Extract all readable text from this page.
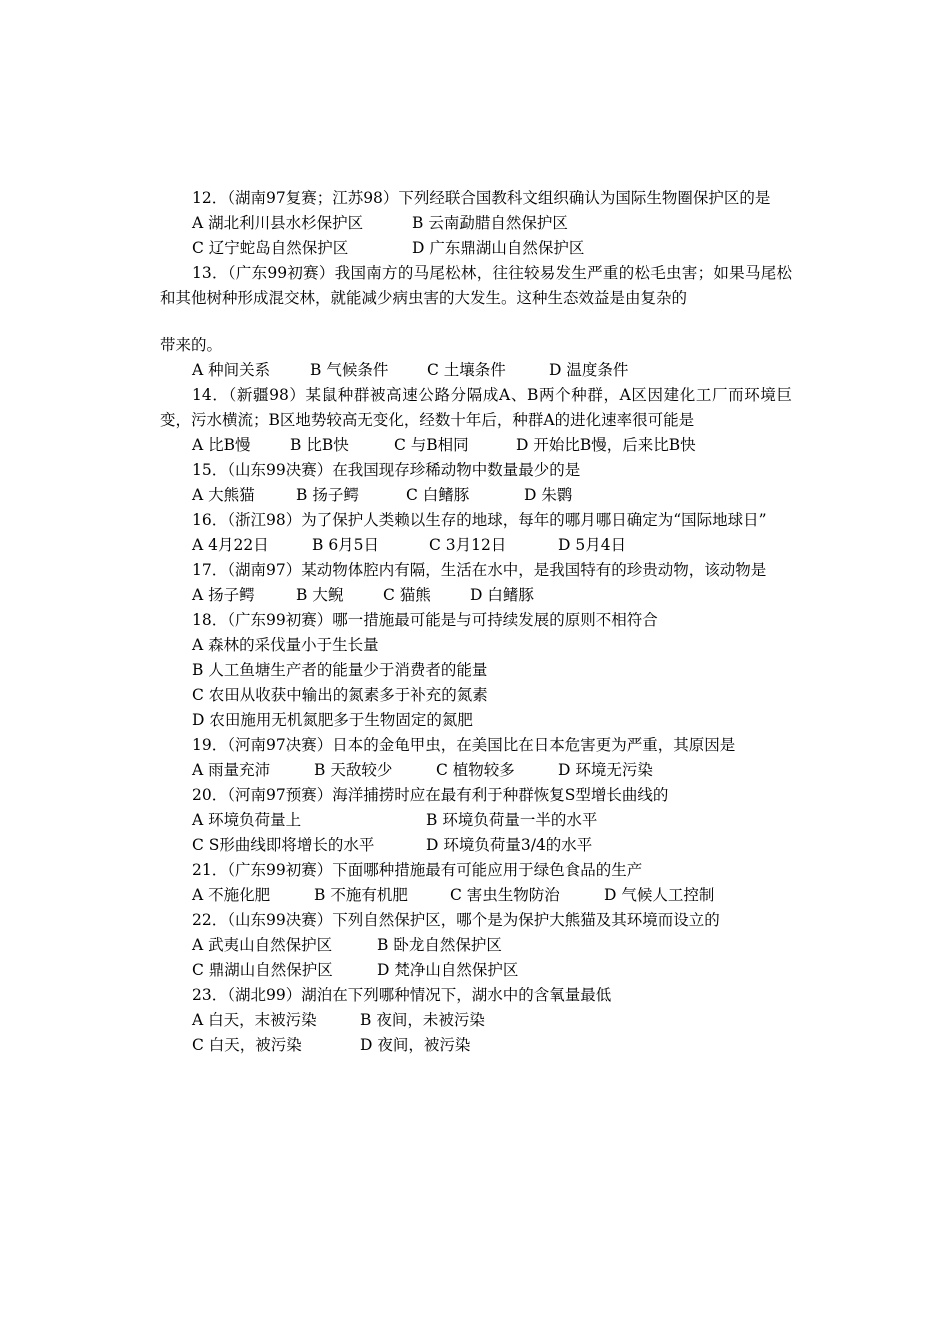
12．（湖南97复赛；江苏98）下列经联合国教科文组织确认为国际生物圈保护区的是
A 湖北利川县水杉保护区	B 云南勐腊自然保护区
C 辽宁蛇岛自然保护区	D 广东鼎湖山自然保护区
13．（广东99初赛）我国南方的马尾松林，往往较易发生严重的松毛虫害；如果马尾松和其他树种形成混交林，就能减少病虫害的大发生。这种生态效益是由复杂的
带来的。
A 种间关系	B 气候条件 C 土壤条件	D 温度条件
14．（新疆98）某鼠种群被高速公路分隔成A、B两个种群，A区因建化工厂而环境巨变，污水横流；B区地势较高无变化，经数十年后，种群A的进化速率很可能是
A 比B慢	B 比B快	C 与B相同	D 开始比B慢，后来比B快
15．（山东99决赛）在我国现存珍稀动物中数量最少的是
A 大熊猫	B 扬子鳄	C 白鳍豚	D 朱鹮
16．（浙江98）为了保护人类赖以生存的地球，每年的哪月哪日确定为“国际地球日”
A 4月22日	B 6月5日	C 3月12日	D 5月4日
17．（湖南97）某动物体腔内有隔，生活在水中，是我国特有的珍贵动物，该动物是
A 扬子鳄	B 大鲵	C 猫熊	D 白鳍豚
18．（广东99初赛）哪一措施最可能是与可持续发展的原则不相符合
A 森林的采伐量小于生长量
B 人工鱼塘生产者的能量少于消费者的能量
C 农田从收获中输出的氮素多于补充的氮素
D 农田施用无机氮肥多于生物固定的氮肥
19．（河南97决赛）日本的金龟甲虫，在美国比在日本危害更为严重，其原因是
A 雨量充沛	B 天敌较少	C 植物较多	D 环境无污染
20．（河南97预赛）海洋捕捞时应在最有利于种群恢复S型增长曲线的
A 环境负荷量上	B 环境负荷量一半的水平
C S形曲线即将增长的水平	D 环境负荷量3/4的水平
21．（广东99初赛）下面哪种措施最有可能应用于绿色食品的生产
A 不施化肥	B 不施有机肥	C 害虫生物防治	D 气候人工控制
22．（山东99决赛）下列自然保护区，哪个是为保护大熊猫及其环境而设立的
A 武夷山自然保护区	B 卧龙自然保护区
C 鼎湖山自然保护区	D 梵净山自然保护区
23．（湖北99）湖泊在下列哪种情况下，湖水中的含氧量最低
A 白天，末被污染	B 夜间，未被污染
C 白天，被污染	D 夜间，被污染
